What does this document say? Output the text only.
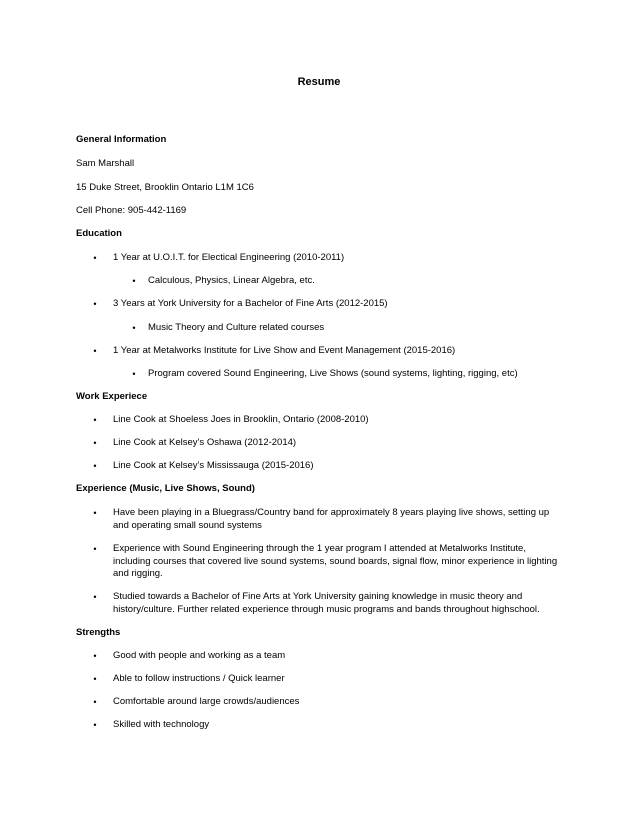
Resume
General Information
Sam Marshall
15 Duke Street, Brooklin Ontario L1M 1C6
Cell Phone: 905-442-1169
Education
•	1 Year at U.O.I.T. for Electical Engineering (2010-2011)
•	Calculous, Physics, Linear Algebra, etc.
•	3 Years at York University for a Bachelor of Fine Arts (2012-2015)
•	Music Theory and Culture related courses
•	1 Year at Metalworks Institute for Live Show and Event Management (2015-2016)
•	Program covered Sound Engineering, Live Shows (sound systems, lighting, rigging, etc)
Work Experiece
•	Line Cook at Shoeless Joes in Brooklin, Ontario (2008-2010)
•	Line Cook at Kelsey’s Oshawa (2012-2014)
•	Line Cook at Kelsey’s Mississauga (2015-2016)
Experience (Music, Live Shows, Sound)
•	Have been playing in a Bluegrass/Country band for approximately 8 years playing live shows, setting up and operating small sound systems
•	Experience with Sound Engineering through the 1 year program I attended at Metalworks Institute, including courses that covered live sound systems, sound boards, signal flow, minor experience in lighting and rigging.
•	Studied towards a Bachelor of Fine Arts at York University gaining knowledge in music theory and history/culture. Further related experience through music programs and bands throughout highschool.
Strengths
•	Good with people and working as a team
•	Able to follow instructions / Quick learner
•	Comfortable around large crowds/audiences
•	Skilled with technology
